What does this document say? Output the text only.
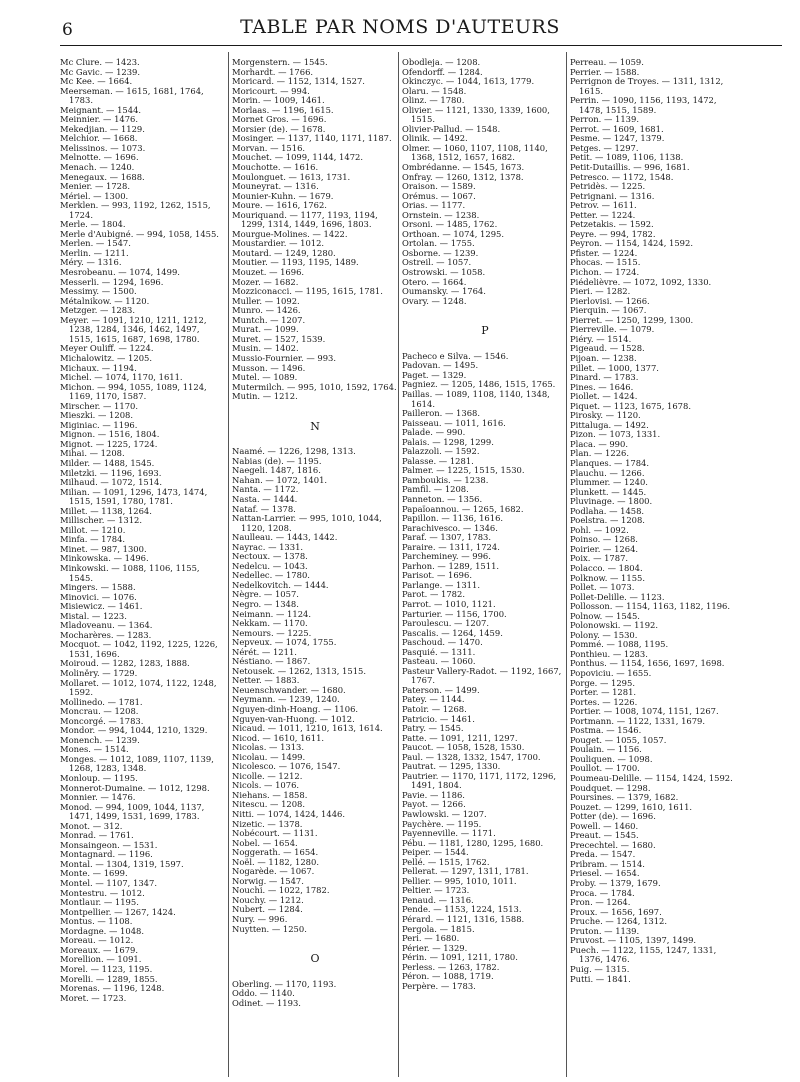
6	TABLE PAR NOMS D'AUTEURS
Mc Clure. — 1423.
Mc Gavic. — 1239.
Mc Kee. — 1664.
Meerseman. — 1615, 1681, 1764, 1783.
Meignant. — 1544.
Meinnier. — 1476.
Mekedjian. — 1129.
Melchior. — 1668.
Melissinos. — 1073.
Melnotte. — 1696.
Menach. — 1240.
Menegaux. — 1688.
Menier. — 1728.
Mériel. — 1300.
Merklen. — 993, 1192, 1262, 1515, 1724.
Merle. — 1804.
Merle d'Aubigné. — 994, 1058, 1455.
Merlen. — 1547.
Merlin. — 1211.
Méry. — 1316.
Mesrobeanu. — 1074, 1499.
Messerli. — 1294, 1696.
Messimy. — 1500.
Métalnikow. — 1120.
Metzger. — 1283.
Meyer. — 1091, 1210, 1211, 1212, 1238, 1284, 1346, 1462, 1497, 1515, 1615, 1687, 1698, 1780.
Meyer Ouliff. — 1224.
Michalowitz. — 1205.
Michaux. — 1194.
Michel. — 1074, 1170, 1611.
Michon. — 994, 1055, 1089, 1124, 1169, 1170, 1587.
Mirscher. — 1170.
Mieszki. — 1208.
Miginiac. — 1196.
Mignon. — 1516, 1804.
Mignot. — 1225, 1724.
Mihai. — 1208.
Milder. — 1488, 1545.
Miletzki. — 1196, 1693.
Milhaud. — 1072, 1514.
Milian. — 1091, 1296, 1473, 1474, 1515, 1591, 1780, 1781.
Millet. — 1138, 1264.
Millischer. — 1312.
Millot. — 1210.
Minfa. — 1784.
Minet. — 987, 1300.
Minkowska. — 1496.
Minkowski. — 1088, 1106, 1155, 1545.
Mingers. — 1588.
Minovici. — 1076.
Misiewicz. — 1461.
Mistal. — 1223.
Mladoveanu. — 1364.
Mocharères. — 1283.
Mocquot. — 1042, 1192, 1225, 1226, 1531, 1696.
Moiroud. — 1282, 1283, 1888.
Moliněry. — 1729.
Mollaret. — 1012, 1074, 1122, 1248, 1592.
Mollinedo. — 1781.
Moncrau. — 1208.
Moncorgé. — 1783.
Mondor. — 994, 1044, 1210, 1329.
Monench. — 1239.
Mones. — 1514.
Monges. — 1012, 1089, 1107, 1139, 1268, 1283, 1348.
Monloup. — 1195.
Monnerot-Dumaine. — 1012, 1298.
Monnier. — 1476.
Monod. — 994, 1009, 1044, 1137, 1471, 1499, 1531, 1699, 1783.
Monot. — 312.
Monrad. — 1761.
Monsaingeon. — 1531.
Montagnard. — 1196.
Montal. — 1304, 1319, 1597.
Monte. — 1699.
Montel. — 1107, 1347.
Montestru. — 1012.
Montlaur. — 1195.
Montpellier. — 1267, 1424.
Montus. — 1108.
Mordagne. — 1048.
Moreau. — 1012.
Moreaux. — 1679.
Morellion. — 1091.
Morel. — 1123, 1195.
Morelli. — 1289, 1855.
Morenas. — 1196, 1248.
Moret. — 1723.
Morgenstern. — 1545.
Morhardt. — 1766.
Moricard. — 1152, 1314, 1527.
Moricourt. — 994.
Morin. — 1009, 1461.
Morlaas. — 1196, 1615.
Mornet Gros. — 1696.
Morsier (de). — 1678.
Mosinger. — 1137, 1140, 1171, 1187.
Morvan. — 1516.
Mouchet. — 1099, 1144, 1472.
Mouchotte. — 1616.
Moulonguet. — 1613, 1731.
Mouneyrat. — 1316.
Mounier-Kuhn. — 1679.
Moure. — 1616, 1762.
Mouriquand. — 1177, 1193, 1194, 1299, 1314, 1449, 1696, 1803.
Mourgue-Molines. — 1422.
Moustardier. — 1012.
Moutard. — 1249, 1280.
Moutier. — 1193, 1195, 1489.
Mouzet. — 1696.
Mozer. — 1682.
Mozziconacci. — 1195, 1615, 1781.
Muller. — 1092.
Munro. — 1426.
Muntch. — 1207.
Murat. — 1099.
Muret. — 1527, 1539.
Musin. — 1402.
Mussio-Fournier. — 993.
Musson. — 1496.
Mutel. — 1089.
Mutermilch. — 995, 1010, 1592, 1764.
Mutin. — 1212.
N
Naamé. — 1226, 1298, 1313.
Nabias (de). — 1195.
Naegeli. 1487, 1816.
Nahan. — 1072, 1401.
Nanta. — 1172.
Nasta. — 1444.
Nataf. — 1378.
Nattan-Larrier. — 995, 1010, 1044, 1120, 1208.
Naulleau. — 1443, 1442.
Nayrac. — 1331.
Nectoux. — 1378.
Nedelcu. — 1043.
Nedellec. — 1780.
Nedelkovitch. — 1444.
Nègre. — 1057.
Negro. — 1348.
Neimann. — 1124.
Nekkam. — 1170.
Nemours. — 1225.
Nepveux. — 1074, 1755.
Nérét. — 1211.
Néstiano. — 1867.
Netousek. — 1262, 1313, 1515.
Netter. — 1883.
Neuenschwander. — 1680.
Neymann. — 1239, 1240.
Nguyen-dinh-Hoang. — 1106.
Nguyen-van-Huong. — 1012.
Nicaud. — 1011, 1210, 1613, 1614.
Nicod. — 1610, 1611.
Nicolas. — 1313.
Nicolau. — 1499.
Nicolesco. — 1076, 1547.
Nicolle. — 1212.
Nicols. — 1076.
Niehans. — 1858.
Nitescu. — 1208.
Nitti. — 1074, 1424, 1446.
Nizetic. — 1378.
Nobécourt. — 1131.
Nobel. — 1654.
Noggerath. — 1654.
Noël. — 1182, 1280.
Nogarède. — 1067.
Norwig. — 1547.
Nouchi. — 1022, 1782.
Nouchy. — 1212.
Nubert. — 1284.
Nury. — 996.
Nuytten. — 1250.
O
Oberling. — 1170, 1193.
Oddo. — 1140.
Odinet. — 1193.
Obodleja. — 1208.
Ofendorff. — 1284.
Okinczyc. — 1044, 1613, 1779.
Olaru. — 1548.
Olinz. — 1780.
Olivier. — 1121, 1330, 1339, 1600, 1515.
Olivier-Pallud. — 1548.
Olinik. — 1492.
Olmer. — 1060, 1107, 1108, 1140, 1368, 1512, 1657, 1682.
Ombrédanne. — 1545, 1673.
Onfray. — 1260, 1312, 1378.
Oraison. — 1589.
Orémus. — 1067.
Orias. — 1177.
Ornstein. — 1238.
Orsoni. — 1485, 1762.
Orthoan. — 1074, 1295.
Ortolan. — 1755.
Osborne. — 1239.
Ostreil. — 1057.
Ostrowski. — 1058.
Otero. — 1664.
Oumansky. — 1764.
Ovary. — 1248.
P
Pacheco e Silva. — 1546.
Padovan. — 1495.
Paget. — 1329.
Pagniez. — 1205, 1486, 1515, 1765.
Paillas. — 1089, 1108, 1140, 1348, 1614.
Pailleron. — 1368.
Paisseau. — 1011, 1616.
Palade. — 990.
Palais. — 1298, 1299.
Palazzoli. — 1592.
Palasse. — 1281.
Palmer. — 1225, 1515, 1530.
Pamboukis. — 1238.
Pamfil. — 1208.
Panneton. — 1356.
Papaïoannou. — 1265, 1682.
Papillon. — 1136, 1616.
Parachivesco. — 1346.
Paraf. — 1307, 1783.
Paraire. — 1311, 1724.
Parcheminey. — 996.
Parhon. — 1289, 1511.
Parisot. — 1696.
Parlange. — 1311.
Parot. — 1782.
Parrot. — 1010, 1121.
Parturier. — 1156, 1700.
Paroulescu. — 1207.
Pascalis. — 1264, 1459.
Paschoud. — 1470.
Pasquié. — 1311.
Pasteau. — 1060.
Pasteur Vallery-Radot. — 1192, 1667, 1767.
Paterson. — 1499.
Patey. — 1144.
Patoir. — 1268.
Patricio. — 1461.
Patry. — 1545.
Patte. — 1091, 1211, 1297.
Paucot. — 1058, 1528, 1530.
Paul. — 1328, 1332, 1547, 1700.
Pautrat. — 1295, 1330.
Pautrier. — 1170, 1171, 1172, 1296, 1491, 1804.
Pavie. — 1186.
Payot. — 1266.
Pawlowski. — 1207.
Paychère. — 1195.
Payenneville. — 1171.
Pébu. — 1181, 1280, 1295, 1680.
Peiper. — 1544.
Pellé. — 1515, 1762.
Pellerat. — 1297, 1311, 1781.
Pellier. — 995, 1010, 1011.
Peltier. — 1723.
Penaud. — 1316.
Pende. — 1153, 1224, 1513.
Pérard. — 1121, 1316, 1588.
Pergola. — 1815.
Peri. — 1680.
Périer. — 1329.
Périn. — 1091, 1211, 1780.
Perless. — 1263, 1782.
Péron. — 1088, 1719.
Perpère. — 1783.
Perreau. — 1059.
Perrier. — 1588.
Perrignon de Troyes. — 1311, 1312, 1615.
Perrin. — 1090, 1156, 1193, 1472, 1478, 1515, 1589.
Perron. — 1139.
Perrot. — 1609, 1681.
Pesme. — 1247, 1379.
Petges. — 1297.
Petit. — 1089, 1106, 1138.
Petit-Dutaillis. — 996, 1681.
Petresco. — 1172, 1548.
Petridès. — 1225.
Petrignani. — 1316.
Petrov. — 1611.
Petter. — 1224.
Petzetakis. — 1592.
Peyre. — 994, 1782.
Peyron. — 1154, 1424, 1592.
Pfister. — 1224.
Phocas. — 1515.
Pichon. — 1724.
Piédelièvre. — 1072, 1092, 1330.
Pieri. — 1282.
Pierlovisi. — 1266.
Pierquin. — 1067.
Pierret. — 1250, 1299, 1300.
Pierreville. — 1079.
Piéry. — 1514.
Pigeaud. — 1528.
Pijoan. — 1238.
Pillet. — 1000, 1377.
Pinard. — 1783.
Pines. — 1646.
Piollet. — 1424.
Piquet. — 1123, 1675, 1678.
Pirosky. — 1120.
Pittaluga. — 1492.
Pizon. — 1073, 1331.
Placa. — 990.
Plan. — 1226.
Planques. — 1784.
Plauchu. — 1266.
Plummer. — 1240.
Plunkett. — 1445.
Pluvinage. — 1800.
Podlaha. — 1458.
Poelstra. — 1208.
Pohl. — 1092.
Poinso. — 1268.
Poirier. — 1264.
Poix. — 1787.
Polacco. — 1804.
Polknow. — 1155.
Pollet. — 1073.
Pollet-Delille. — 1123.
Pollosson. — 1154, 1163, 1182, 1196.
Polnow. — 1545.
Polonowski. — 1192.
Polony. — 1530.
Pommé. — 1088, 1195.
Ponthieu. — 1283.
Ponthus. — 1154, 1656, 1697, 1698.
Popoviciu. — 1655.
Porge. — 1295.
Porter. — 1281.
Portes. — 1226.
Portier. — 1008, 1074, 1151, 1267.
Portmann. — 1122, 1331, 1679.
Postma. — 1546.
Pouget. — 1055, 1057.
Poulain. — 1156.
Pouliquen. — 1098.
Poullot. — 1700.
Poumeau-Delille. — 1154, 1424, 1592.
Poudquet. — 1298.
Poursines. — 1379, 1682.
Pouzet. — 1299, 1610, 1611.
Potter (de). — 1696.
Powell. — 1460.
Preaut. — 1545.
Precechtel. — 1680.
Preda. — 1547.
Pribram. — 1514.
Priesel. — 1654.
Proby. — 1379, 1679.
Proca. — 1784.
Pron. — 1264.
Proux. — 1656, 1697.
Pruche. — 1264, 1312.
Pruton. — 1139.
Pruvost. — 1105, 1397, 1499.
Puech. — 1122, 1155, 1247, 1331, 1376, 1476.
Puig. — 1315.
Putti. — 1841.
